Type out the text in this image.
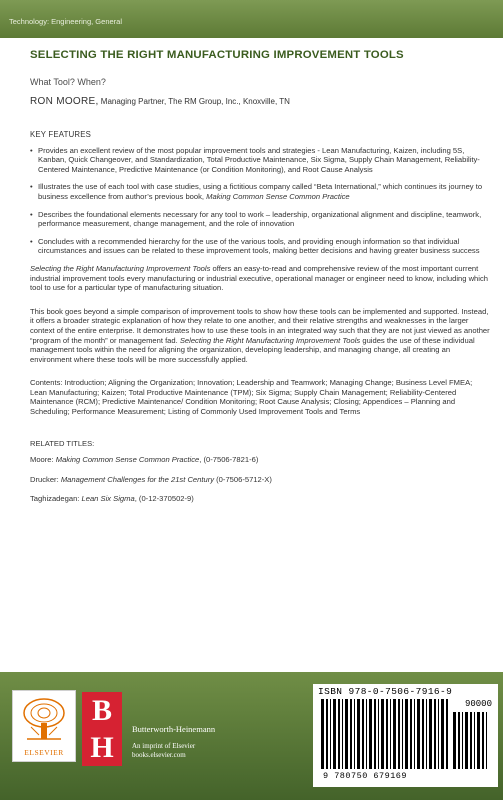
Technology: Engineering, General
SELECTING THE RIGHT MANUFACTURING IMPROVEMENT TOOLS
What Tool? When?
RON MOORE, Managing Partner, The RM Group, Inc., Knoxville, TN
KEY FEATURES
• Provides an excellent review of the most popular improvement tools and strategies - Lean Manufacturing, Kaizen, including 5S, Kanban, Quick Changeover, and Standardization, Total Productive Maintenance, Six Sigma, Supply Chain Management, Reliability-Centered Maintenance, Predictive Maintenance (or Condition Monitoring), and Root Cause Analysis
• Illustrates the use of each tool with case studies, using a fictitious company called “Beta International,” which continues its journey to business excellence from author’s previous book, Making Common Sense Common Practice
• Describes the foundational elements necessary for any tool to work – leadership, organizational alignment and discipline, teamwork, performance measurement, change management, and the role of innovation
• Concludes with a recommended hierarchy for the use of the various tools, and providing enough information so that individual circumstances and issues can be related to these improvement tools, making better decisions and having greater business success

Selecting the Right Manufacturing Improvement Tools offers an easy-to-read and comprehensive review of the most important current industrial improvement tools every manufacturing or industrial executive, operational manager or engineer need to know, including which tool to use for a particular type of manufacturing situation.

This book goes beyond a simple comparison of improvement tools to show how these tools can be implemented and supported. Instead, it offers a broader strategic explanation of how they relate to one another, and their relative strengths and weaknesses in the larger context of the entire enterprise. It demonstrates how to use these tools in an integrated way such that they are not just viewed as another “program of the month” or management fad. Selecting the Right Manufacturing Improvement Tools guides the use of these individual management tools within the need for aligning the organization, developing leadership, and managing change, all creating an environment where these tools will be more successfully applied.

Contents: Introduction; Aligning the Organization; Innovation; Leadership and Teamwork; Managing Change; Business Level FMEA; Lean Manufacturing; Kaizen; Total Productive Maintenance (TPM); Six Sigma; Supply Chain Management; Reliability-Centered Maintenance (RCM); Predictive Maintenance/ Condition Monitoring; Root Cause Analysis; Closing; Appendices – Planning and Scheduling; Performance Measurement; Listing of Commonly Used Improvement Tools and Terms

RELATED TITLES:
Moore: Making Common Sense Common Practice, (0-7506-7821-6)
Drucker: Management Challenges for the 21st Century (0-7506-5712-X)
Taghizadegan: Lean Six Sigma, (0-12-370502-9)
ELSEVIER
B
H
Butterworth-Heinemann
An imprint of Elsevier
books.elsevier.com
ISBN 978-0-7506-7916-9
90000
9 780750 679169
